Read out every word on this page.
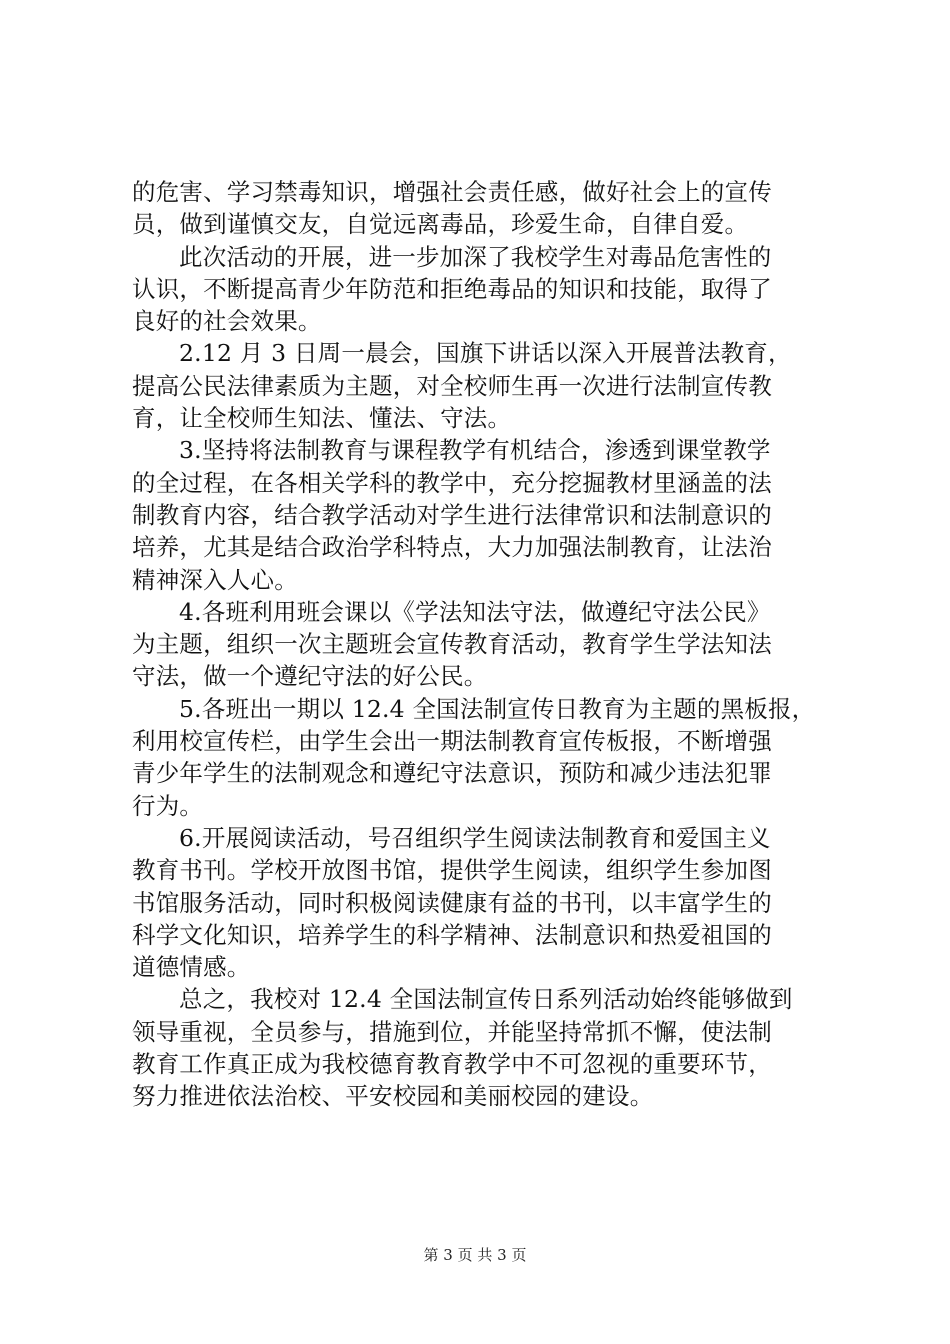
的危害、学习禁毒知识，增强社会责任感，做好社会上的宣传
员，做到谨慎交友，自觉远离毒品，珍爱生命，自律自爱。
此次活动的开展，进一步加深了我校学生对毒品危害性的
认识，不断提高青少年防范和拒绝毒品的知识和技能，取得了
良好的社会效果。
2.12 月 3 日周一晨会，国旗下讲话以深入开展普法教育，
提高公民法律素质为主题，对全校师生再一次进行法制宣传教
育，让全校师生知法、懂法、守法。
3.坚持将法制教育与课程教学有机结合，渗透到课堂教学
的全过程，在各相关学科的教学中，充分挖掘教材里涵盖的法
制教育内容，结合教学活动对学生进行法律常识和法制意识的
培养，尤其是结合政治学科特点，大力加强法制教育，让法治
精神深入人心。
4.各班利用班会课以《学法知法守法，做遵纪守法公民》
为主题，组织一次主题班会宣传教育活动，教育学生学法知法
守法，做一个遵纪守法的好公民。
5.各班出一期以 12.4 全国法制宣传日教育为主题的黑板报，
利用校宣传栏，由学生会出一期法制教育宣传板报，不断增强
青少年学生的法制观念和遵纪守法意识，预防和减少违法犯罪
行为。
6.开展阅读活动，号召组织学生阅读法制教育和爱国主义
教育书刊。学校开放图书馆，提供学生阅读，组织学生参加图
书馆服务活动，同时积极阅读健康有益的书刊，以丰富学生的
科学文化知识，培养学生的科学精神、法制意识和热爱祖国的
道德情感。
总之，我校对 12.4 全国法制宣传日系列活动始终能够做到
领导重视，全员参与，措施到位，并能坚持常抓不懈，使法制
教育工作真正成为我校德育教育教学中不可忽视的重要环节，
努力推进依法治校、平安校园和美丽校园的建设。
第 3 页 共 3 页
